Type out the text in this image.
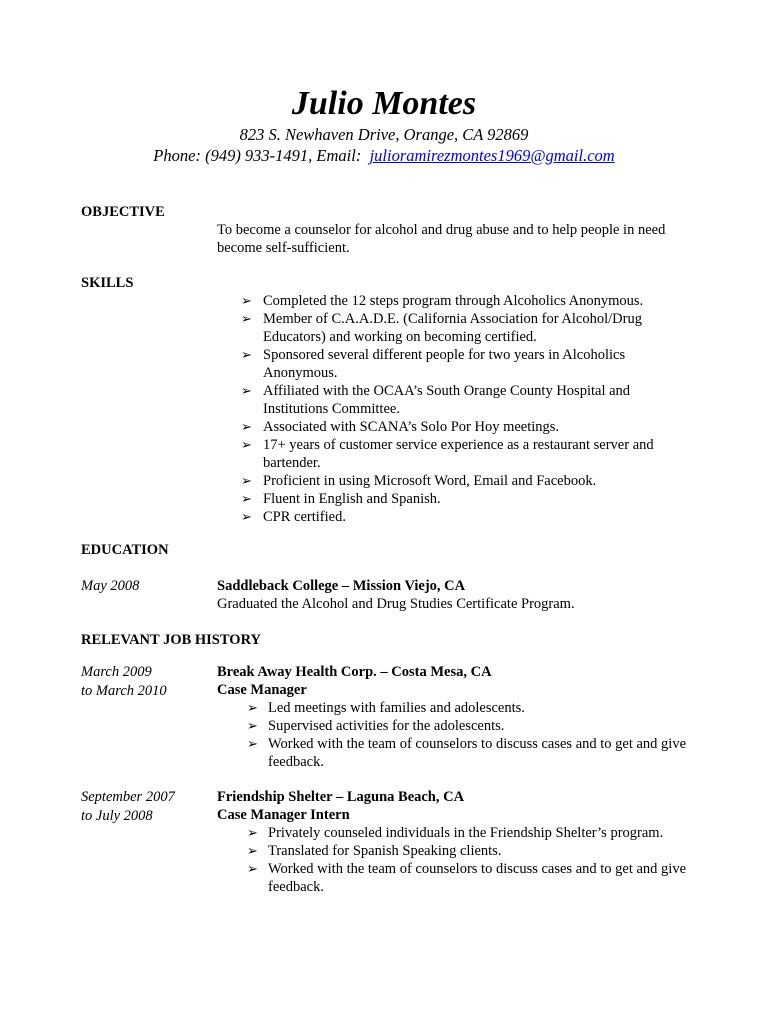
Julio Montes
823 S. Newhaven Drive, Orange, CA 92869
Phone: (949) 933-1491, Email:  julioramirezmontes1969@gmail.com
OBJECTIVE
To become a counselor for alcohol and drug abuse and to help people in need become self-sufficient.
SKILLS
➢ Completed the 12 steps program through Alcoholics Anonymous.
➢ Member of C.A.A.D.E. (California Association for Alcohol/Drug Educators) and working on becoming certified.
➢ Sponsored several different people for two years in Alcoholics Anonymous.
➢ Affiliated with the OCAA’s South Orange County Hospital and Institutions Committee.
➢ Associated with SCANA’s Solo Por Hoy meetings.
➢ 17+ years of customer service experience as a restaurant server and bartender.
➢ Proficient in using Microsoft Word, Email and Facebook.
➢ Fluent in English and Spanish.
➢ CPR certified.
EDUCATION
May 2008	Saddleback College – Mission Viejo, CA
Graduated the Alcohol and Drug Studies Certificate Program.
RELEVANT JOB HISTORY
March 2009
to March 2010
Break Away Health Corp. – Costa Mesa, CA
Case Manager
➢ Led meetings with families and adolescents.
➢ Supervised activities for the adolescents.
➢ Worked with the team of counselors to discuss cases and to get and give feedback.
September 2007
to July 2008
Friendship Shelter – Laguna Beach, CA
Case Manager Intern
➢ Privately counseled individuals in the Friendship Shelter’s program.
➢ Translated for Spanish Speaking clients.
➢ Worked with the team of counselors to discuss cases and to get and give feedback.
